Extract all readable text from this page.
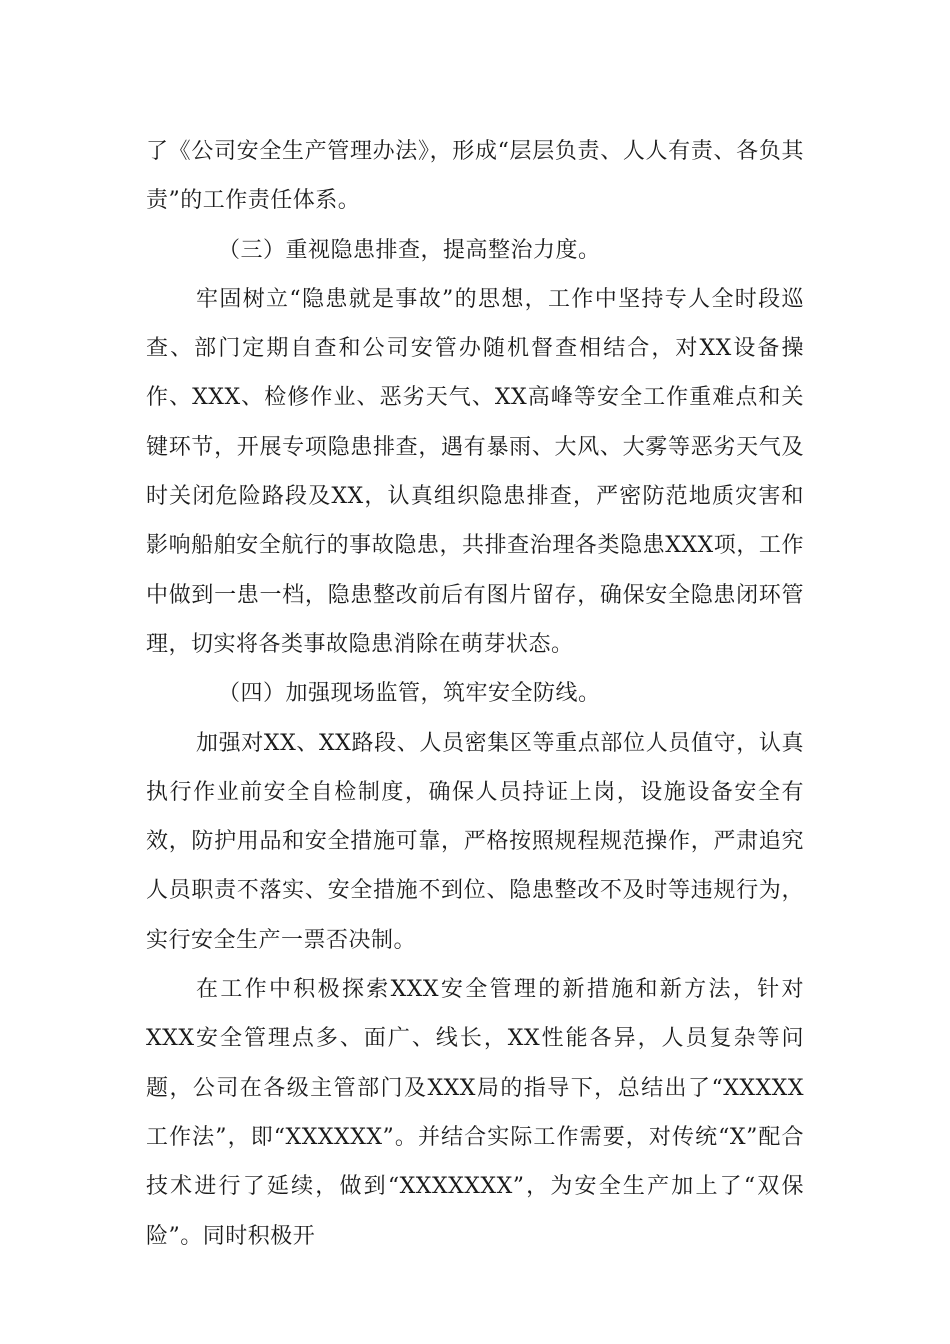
了《公司安全生产管理办法》，形成“层层负责、人人有责、各负其责”的工作责任体系。

（三）重视隐患排查，提高整治力度。

牢固树立“隐患就是事故”的思想，工作中坚持专人全时段巡查、部门定期自查和公司安管办随机督查相结合，对XX设备操作、XXX、检修作业、恶劣天气、XX高峰等安全工作重难点和关键环节，开展专项隐患排查，遇有暴雨、大风、大雾等恶劣天气及时关闭危险路段及XX，认真组织隐患排查，严密防范地质灾害和影响船舶安全航行的事故隐患，共排查治理各类隐患XXX项，工作中做到一患一档，隐患整改前后有图片留存，确保安全隐患闭环管理，切实将各类事故隐患消除在萌芽状态。

（四）加强现场监管，筑牢安全防线。

加强对XX、XX路段、人员密集区等重点部位人员值守，认真执行作业前安全自检制度，确保人员持证上岗，设施设备安全有效，防护用品和安全措施可靠，严格按照规程规范操作，严肃追究人员职责不落实、安全措施不到位、隐患整改不及时等违规行为，实行安全生产一票否决制。

在工作中积极探索XXX安全管理的新措施和新方法，针对XXX安全管理点多、面广、线长，XX性能各异，人员复杂等问题，公司在各级主管部门及XXX局的指导下，总结出了“XXXXX工作法”，即“XXXXXX”。并结合实际工作需要，对传统“X”配合技术进行了延续，做到“XXXXXXX”，为安全生产加上了“双保险”。同时积极开
